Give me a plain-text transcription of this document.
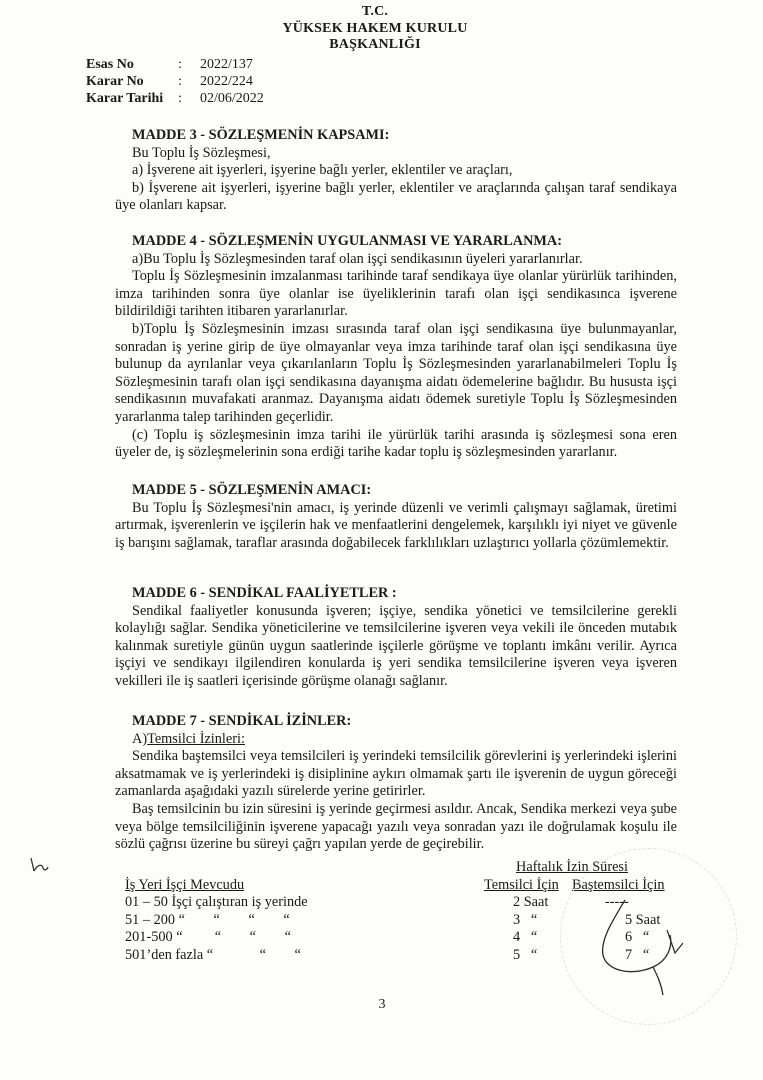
T.C.
YÜKSEK HAKEM KURULU
BAŞKANLIĞI
Esas No	:	2022/137
Karar No	:	2022/224
Karar Tarihi	:	02/06/2022
MADDE 3 - SÖZLEŞMENİN KAPSAMI:
Bu Toplu İş Sözleşmesi,
a) İşverene ait işyerleri, işyerine bağlı yerler, eklentiler ve araçları,
b) İşverene ait işyerleri, işyerine bağlı yerler, eklentiler ve araçlarında çalışan taraf sendikaya üye olanları kapsar.
MADDE 4 - SÖZLEŞMENİN UYGULANMASI VE YARARLANMA:
a)Bu Toplu İş Sözleşmesinden taraf olan işçi sendikasının üyeleri yararlanırlar.
Toplu İş Sözleşmesinin imzalanması tarihinde taraf sendikaya üye olanlar yürürlük tarihinden, imza tarihinden sonra üye olanlar ise üyeliklerinin tarafı olan işçi sendikasınca işverene bildirildiği tarihten itibaren yararlanırlar.
b)Toplu İş Sözleşmesinin imzası sırasında taraf olan işçi sendikasına üye bulunmayanlar, sonradan iş yerine girip de üye olmayanlar veya imza tarihinde taraf olan işçi sendikasına üye bulunup da ayrılanlar veya çıkarılanların Toplu İş Sözleşmesinden yararlanabilmeleri Toplu İş Sözleşmesinin tarafı olan işçi sendikasına dayanışma aidatı ödemelerine bağlıdır. Bu hususta işçi sendikasının muvafakati aranmaz. Dayanışma aidatı ödemek suretiyle Toplu İş Sözleşmesinden yararlanma talep tarihinden geçerlidir.
(c) Toplu iş sözleşmesinin imza tarihi ile yürürlük tarihi arasında iş sözleşmesi sona eren üyeler de, iş sözleşmelerinin sona erdiği tarihe kadar toplu iş sözleşmesinden yararlanır.
MADDE 5 - SÖZLEŞMENİN AMACI:
Bu Toplu İş Sözleşmesi'nin amacı, iş yerinde düzenli ve verimli çalışmayı sağlamak, üretimi artırmak, işverenlerin ve işçilerin hak ve menfaatlerini dengelemek, karşılıklı iyi niyet ve güvenle iş barışını sağlamak, taraflar arasında doğabilecek farklılıkları uzlaştırıcı yollarla çözümlemektir.
MADDE 6 - SENDİKAL FAALİYETLER :
Sendikal faaliyetler konusunda işveren; işçiye, sendika yönetici ve temsilcilerine gerekli kolaylığı sağlar. Sendika yöneticilerine ve temsilcilerine işveren veya vekili ile önceden mutabık kalınmak suretiyle günün uygun saatlerinde işçilerle görüşme ve toplantı imkânı verilir. Ayrıca işçiyi ve sendikayı ilgilendiren konularda iş yeri sendika temsilcilerine işveren veya işveren vekilleri ile iş saatleri içerisinde görüşme olanağı sağlanır.
MADDE 7 - SENDİKAL İZİNLER:
A)Temsilci İzinleri:
Sendika baştemsilci veya temsilcileri iş yerindeki temsilcilik görevlerini iş yerlerindeki işlerini aksatmamak ve iş yerlerindeki iş disiplinine aykırı olmamak şartı ile işverenin de uygun göreceği zamanlarda aşağıdaki yazılı sürelerde yerine getirirler.
Baş temsilcinin bu izin süresini iş yerinde geçirmesi asıldır. Ancak, Sendika merkezi veya şube veya bölge temsilciliğinin işverene yapacağı yazılı veya sonradan yazı ile doğrulamak koşulu ile sözlü çağrısı üzerine bu süreyi çağrı yapılan yerde de geçirebilir.
Haftalık İzin Süresi
İş Yeri İşçi Mevcudu	Temsilci İçin Baştemsilci İçin
01 – 50 İşçi çalıştıran iş yerinde	2 Saat	-----
51 – 200 “        “        “        “	3   “	5 Saat
201-500 “         “        “        “	4   “	6   “
501’den fazla “             “        “	5   “	7   “
3
